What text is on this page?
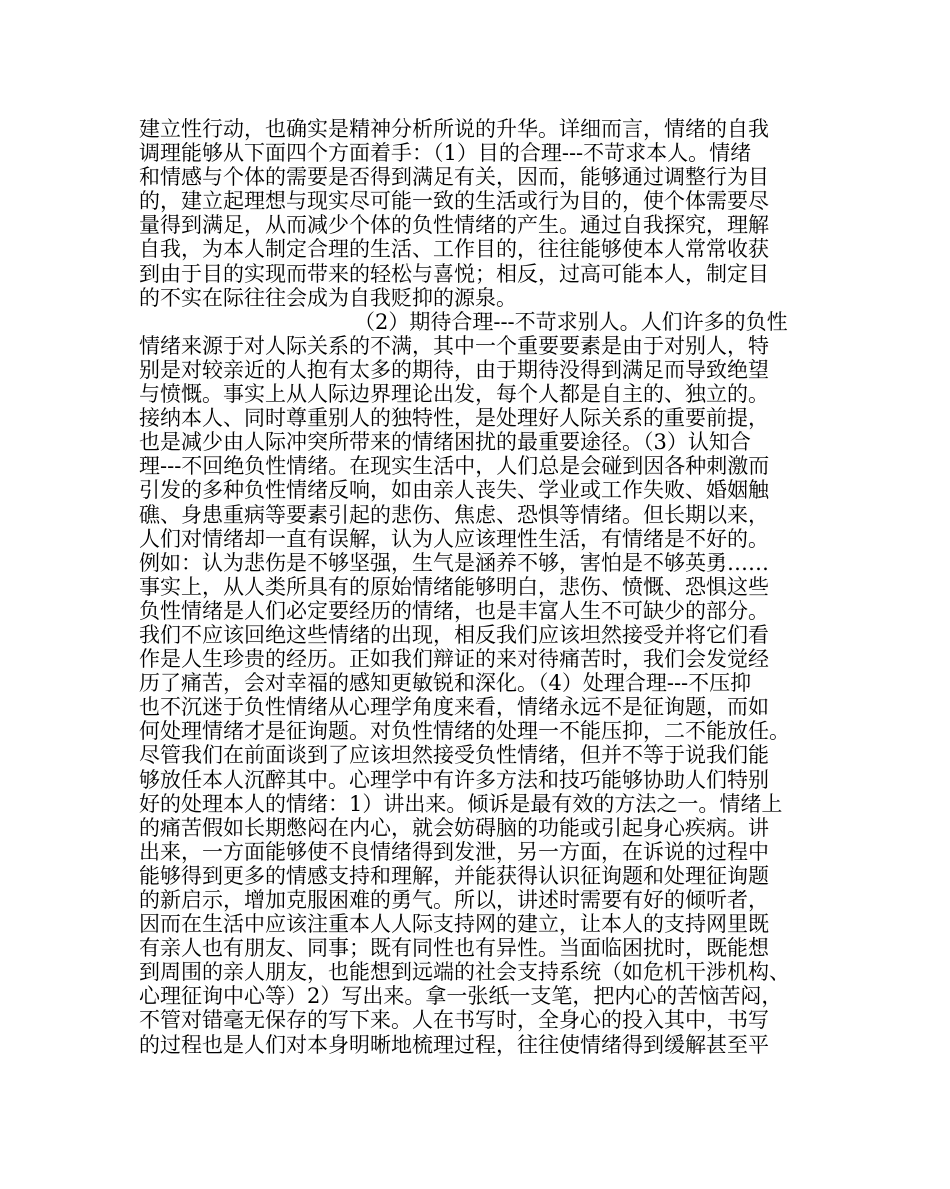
建立性行动，也确实是精神分析所说的升华。详细而言，情绪的自我
调理能够从下面四个方面着手：（1）目的合理---不苛求本人。情绪
和情感与个体的需要是否得到满足有关，因而，能够通过调整行为目
的，建立起理想与现实尽可能一致的生活或行为目的，使个体需要尽
量得到满足，从而减少个体的负性情绪的产生。通过自我探究，理解
自我，为本人制定合理的生活、工作目的，往往能够使本人常常收获
到由于目的实现而带来的轻松与喜悦；相反，过高可能本人，制定目
的不实在际往往会成为自我贬抑的源泉。
（2）期待合理---不苛求别人。人们许多的负性
情绪来源于对人际关系的不满，其中一个重要要素是由于对别人，特
别是对较亲近的人抱有太多的期待，由于期待没得到满足而导致绝望
与愤慨。事实上从人际边界理论出发，每个人都是自主的、独立的。
接纳本人、同时尊重别人的独特性，是处理好人际关系的重要前提，
也是减少由人际冲突所带来的情绪困扰的最重要途径。（3）认知合
理---不回绝负性情绪。在现实生活中，人们总是会碰到因各种刺激而
引发的多种负性情绪反响，如由亲人丧失、学业或工作失败、婚姻触
礁、身患重病等要素引起的悲伤、焦虑、恐惧等情绪。但长期以来，
人们对情绪却一直有误解，认为人应该理性生活，有情绪是不好的。
例如：认为悲伤是不够坚强，生气是涵养不够，害怕是不够英勇……
事实上，从人类所具有的原始情绪能够明白，悲伤、愤慨、恐惧这些
负性情绪是人们必定要经历的情绪，也是丰富人生不可缺少的部分。
我们不应该回绝这些情绪的出现，相反我们应该坦然接受并将它们看
作是人生珍贵的经历。正如我们辩证的来对待痛苦时，我们会发觉经
历了痛苦，会对幸福的感知更敏锐和深化。（4）处理合理---不压抑
也不沉迷于负性情绪从心理学角度来看，情绪永远不是征询题，而如
何处理情绪才是征询题。对负性情绪的处理一不能压抑，二不能放任。
尽管我们在前面谈到了应该坦然接受负性情绪，但并不等于说我们能
够放任本人沉醉其中。心理学中有许多方法和技巧能够协助人们特别
好的处理本人的情绪：1）讲出来。倾诉是最有效的方法之一。情绪上
的痛苦假如长期憋闷在内心，就会妨碍脑的功能或引起身心疾病。讲
出来，一方面能够使不良情绪得到发泄，另一方面，在诉说的过程中
能够得到更多的情感支持和理解，并能获得认识征询题和处理征询题
的新启示，增加克服困难的勇气。所以，讲述时需要有好的倾听者，
因而在生活中应该注重本人人际支持网的建立，让本人的支持网里既
有亲人也有朋友、同事；既有同性也有异性。当面临困扰时，既能想
到周围的亲人朋友，也能想到远端的社会支持系统（如危机干涉机构、
心理征询中心等）2）写出来。拿一张纸一支笔，把内心的苦恼苦闷，
不管对错毫无保存的写下来。人在书写时，全身心的投入其中，书写
的过程也是人们对本身明晰地梳理过程，往往使情绪得到缓解甚至平
